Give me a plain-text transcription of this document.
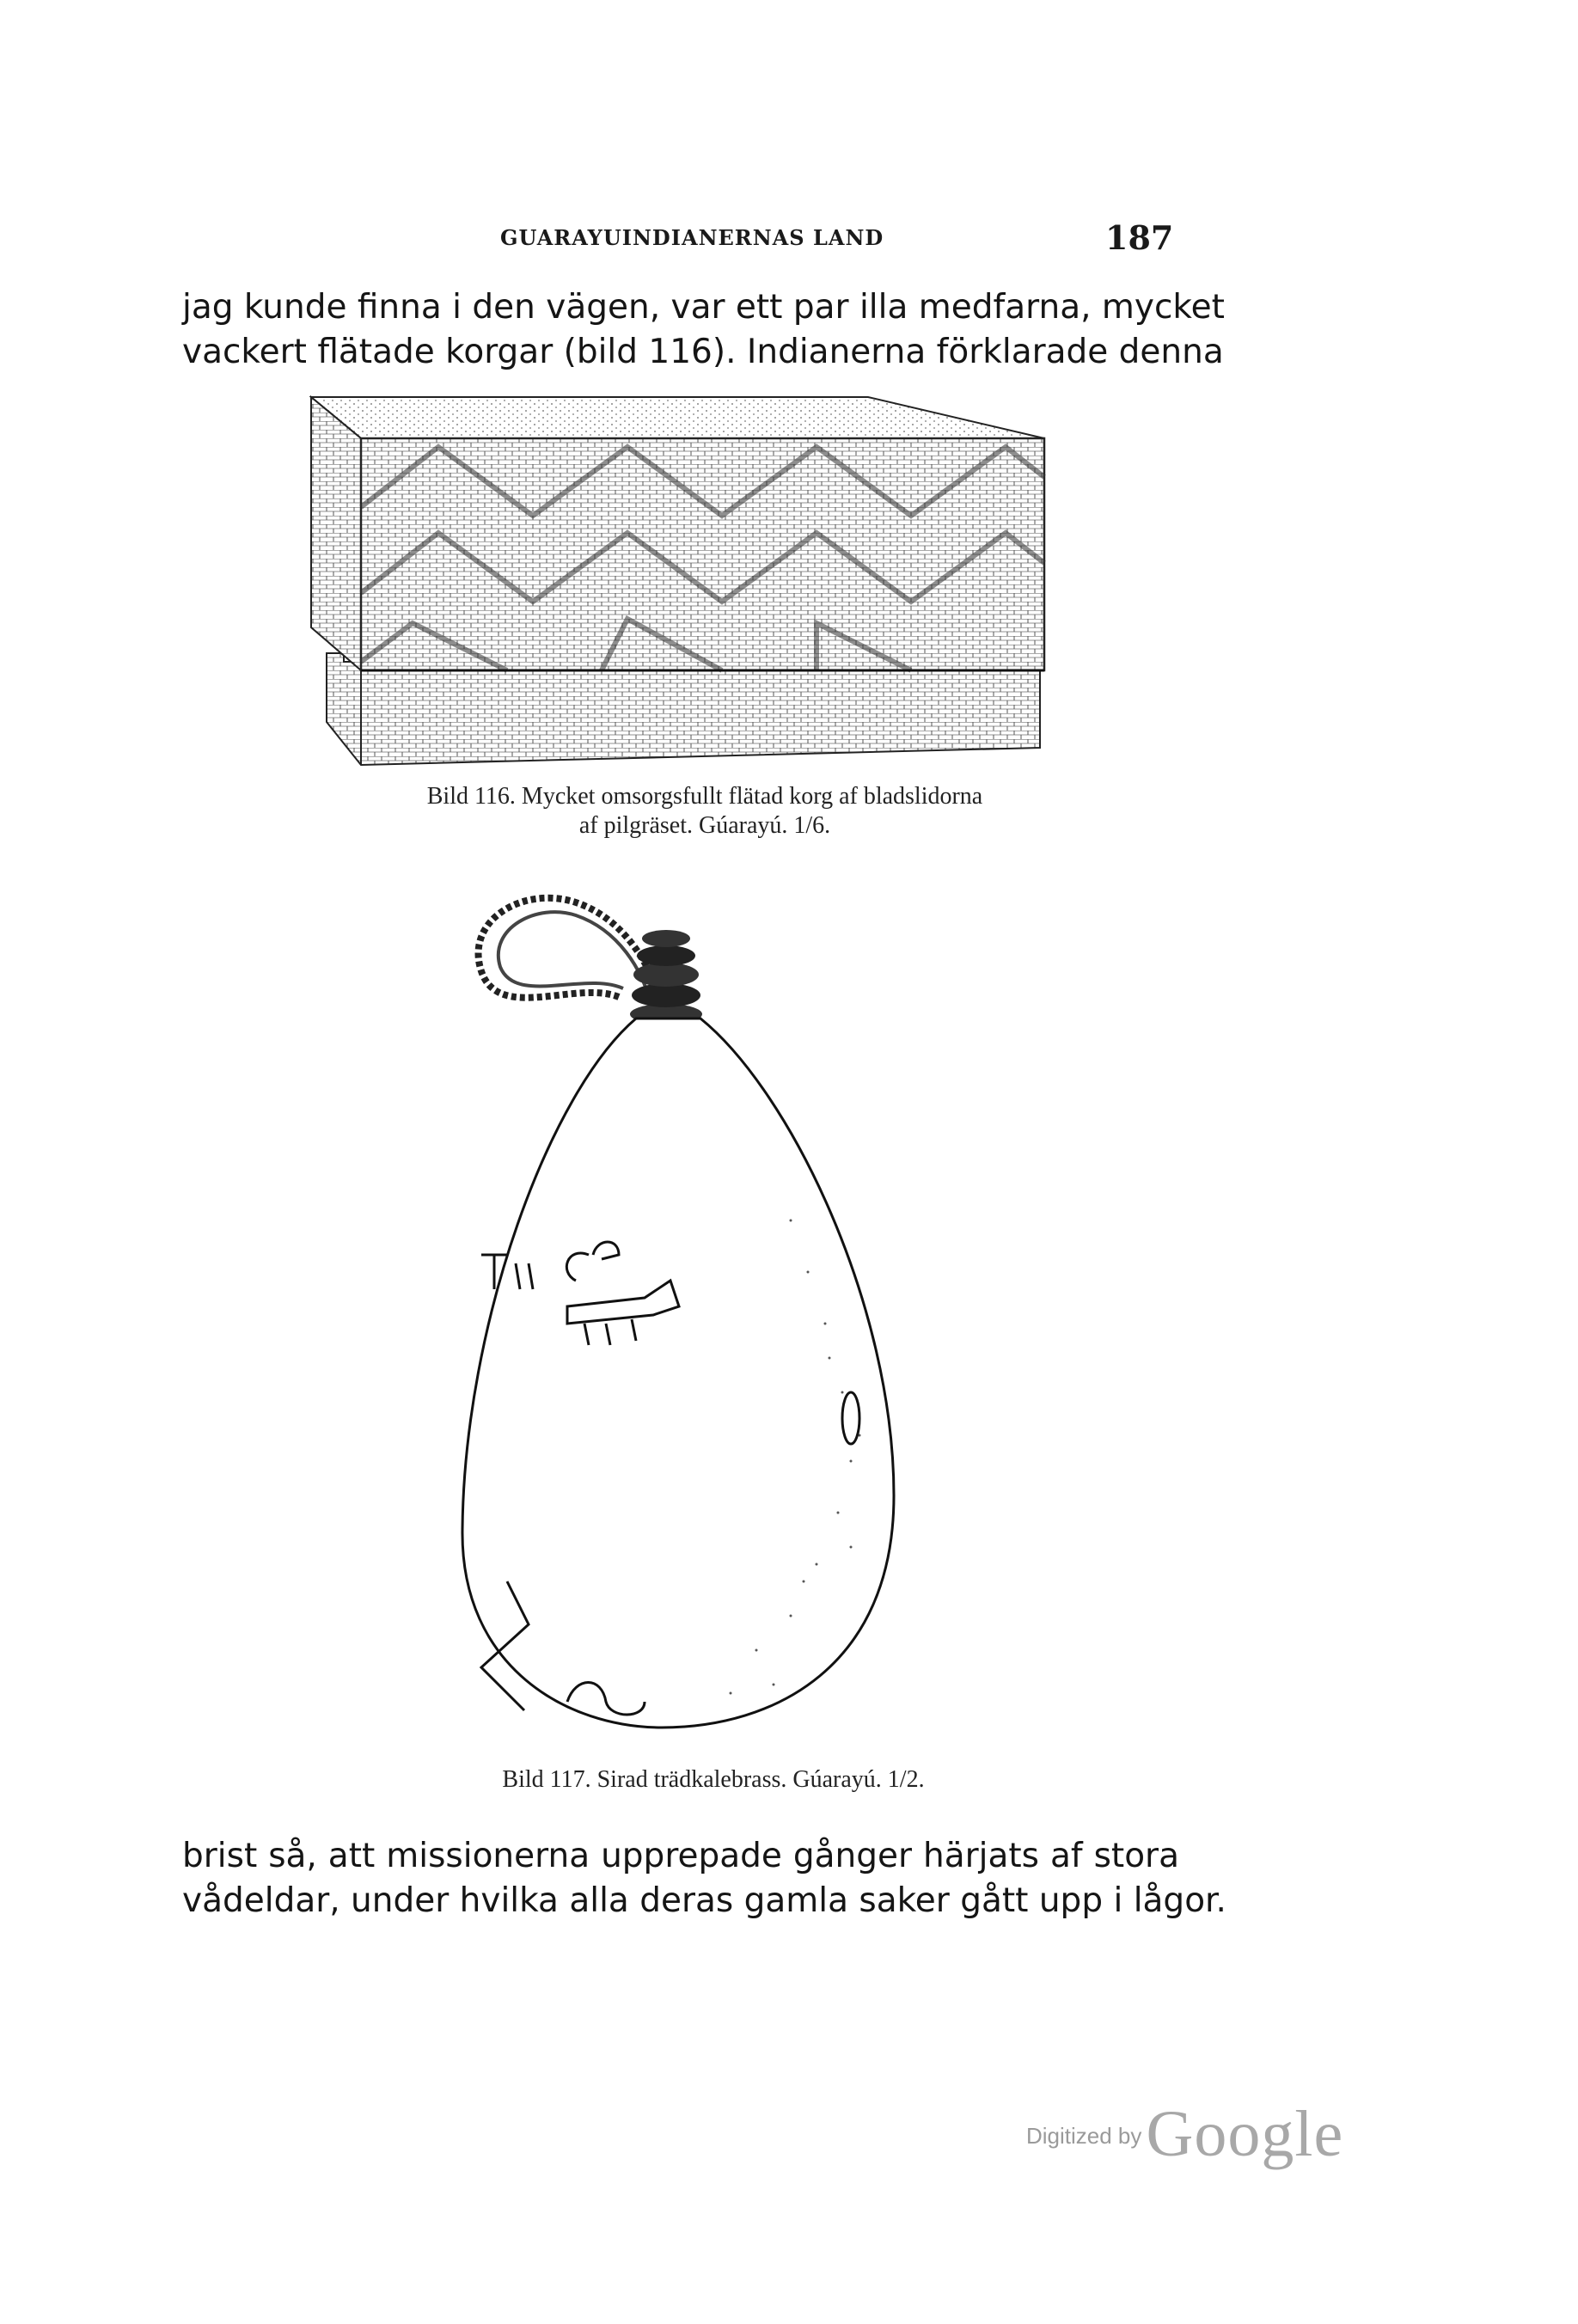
GUARAYUINDIANERNAS LAND	187
jag kunde finna i den vägen, var ett par illa medfarna, mycket
vackert flätade korgar (bild 116). Indianerna förklarade denna
Bild 116. Mycket omsorgsfullt flätad korg af bladslidorna
af pilgräset. Gúarayú. 1/6.
Bild 117. Sirad trädkalebrass. Gúarayú. 1/2.
brist så, att missionerna upprepade gånger härjats af stora
vådeldar, under hvilka alla deras gamla saker gått upp i lågor.
Digitized by Google
